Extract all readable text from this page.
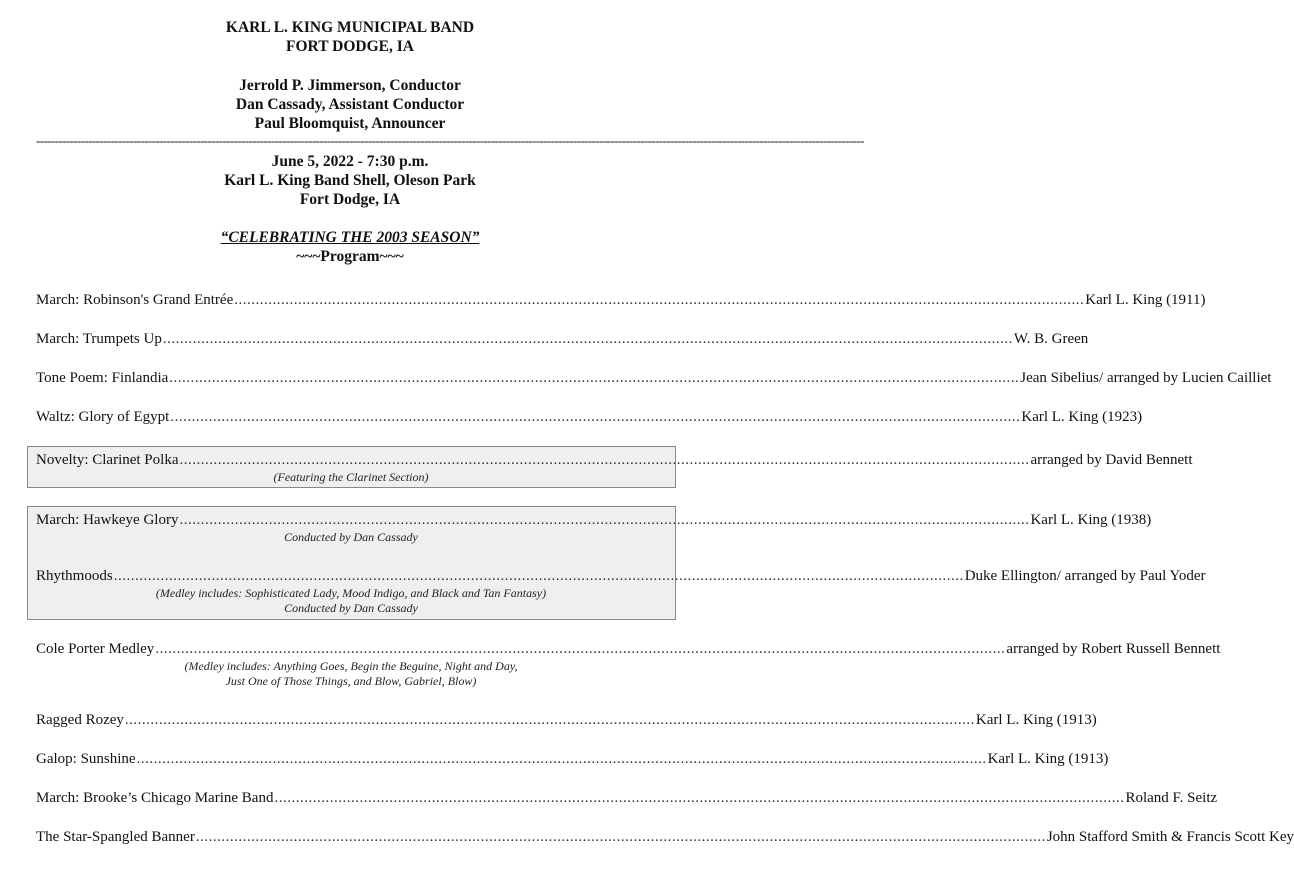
KARL L. KING MUNICIPAL BAND
FORT DODGE, IA
Jerrold P. Jimmerson, Conductor
Dan Cassady, Assistant Conductor
Paul Bloomquist, Announcer
------------------------------------------------------------------------------------------------------------------------------------------------------------------------------------------------------------------------------
June 5, 2022 - 7:30 p.m.
Karl L. King Band Shell, Oleson Park
Fort Dodge, IA
“CELEBRATING THE 2003 SEASON”
~~~Program~~~
March: Robinson's Grand Entrée ........................................................................................................................................................................................................ Karl L. King (1911)
March: Trumpets Up ........................................................................................................................................................................................................ W. B. Green
Tone Poem: Finlandia ........................................................................................................................................................................................................ Jean Sibelius/ arranged by Lucien Cailliet
Waltz: Glory of Egypt ........................................................................................................................................................................................................ Karl L. King (1923)
Novelty: Clarinet Polka ........................................................................................................................................................................................................ arranged by David Bennett
(Featuring the Clarinet Section)
March: Hawkeye Glory ........................................................................................................................................................................................................ Karl L. King (1938)
Conducted by Dan Cassady
Rhythmoods ........................................................................................................................................................................................................ Duke Ellington/ arranged by Paul Yoder
(Medley includes: Sophisticated Lady, Mood Indigo, and Black and Tan Fantasy)
Conducted by Dan Cassady
Cole Porter Medley ........................................................................................................................................................................................................ arranged by Robert Russell Bennett
(Medley includes: Anything Goes, Begin the Beguine, Night and Day,
Just One of Those Things, and Blow, Gabriel, Blow)
Ragged Rozey ........................................................................................................................................................................................................ Karl L. King (1913)
Galop: Sunshine ........................................................................................................................................................................................................ Karl L. King (1913)
March: Brooke’s Chicago Marine Band ........................................................................................................................................................................................................ Roland F. Seitz
The Star-Spangled Banner ........................................................................................................................................................................................................ John Stafford Smith & Francis Scott Key
